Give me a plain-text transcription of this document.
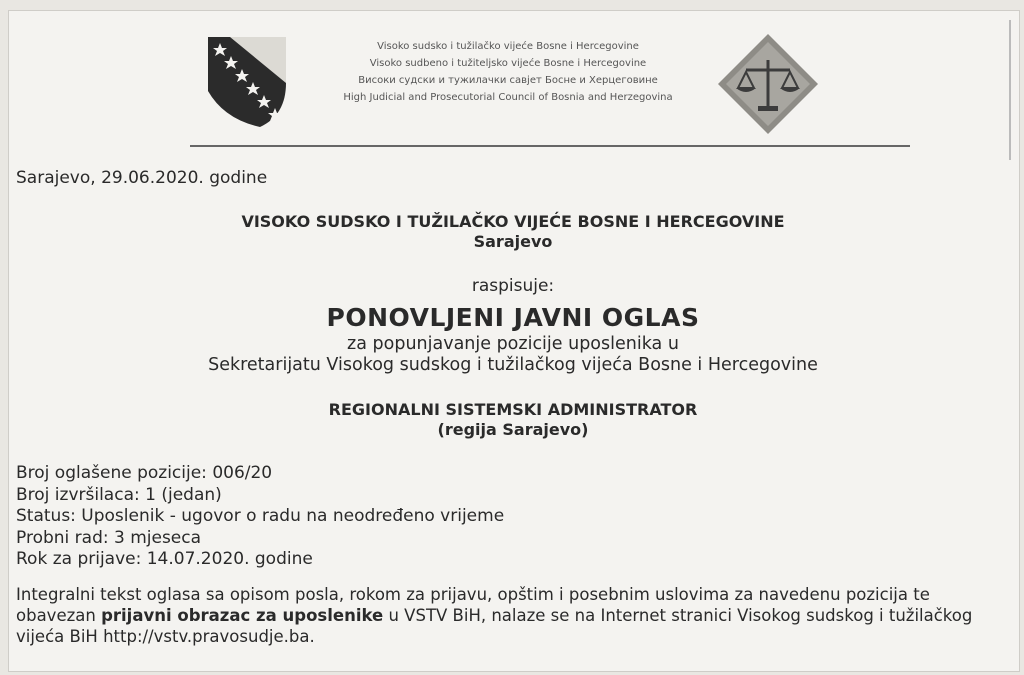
Visoko sudsko i tužilačko vijeće Bosne i Hercegovine
Visoko sudbeno i tužiteljsko vijeće Bosne i Hercegovine
Високи судски и тужилачки савјет Босне и Херцеговине
High Judicial and Prosecutorial Council of Bosnia and Herzegovina
Sarajevo, 29.06.2020. godine
VISOKO SUDSKO I TUŽILAČKO VIJEĆE BOSNE I HERCEGOVINE
Sarajevo
raspisuje:
PONOVLJENI JAVNI OGLAS
za popunjavanje pozicije uposlenika u
Sekretarijatu Visokog sudskog i tužilačkog vijeća Bosne i Hercegovine
REGIONALNI SISTEMSKI ADMINISTRATOR
(regija Sarajevo)
Broj oglašene pozicije: 006/20
Broj izvršilaca: 1 (jedan)
Status: Uposlenik - ugovor o radu na neodređeno vrijeme
Probni rad: 3 mjeseca
Rok za prijave: 14.07.2020. godine
Integralni tekst oglasa sa opisom posla, rokom za prijavu, opštim i posebnim uslovima za navedenu pozicija te obavezan prijavni obrazac za uposlenike u VSTV BiH, nalaze se na Internet stranici Visokog sudskog i tužilačkog vijeća BiH http://vstv.pravosudje.ba.
